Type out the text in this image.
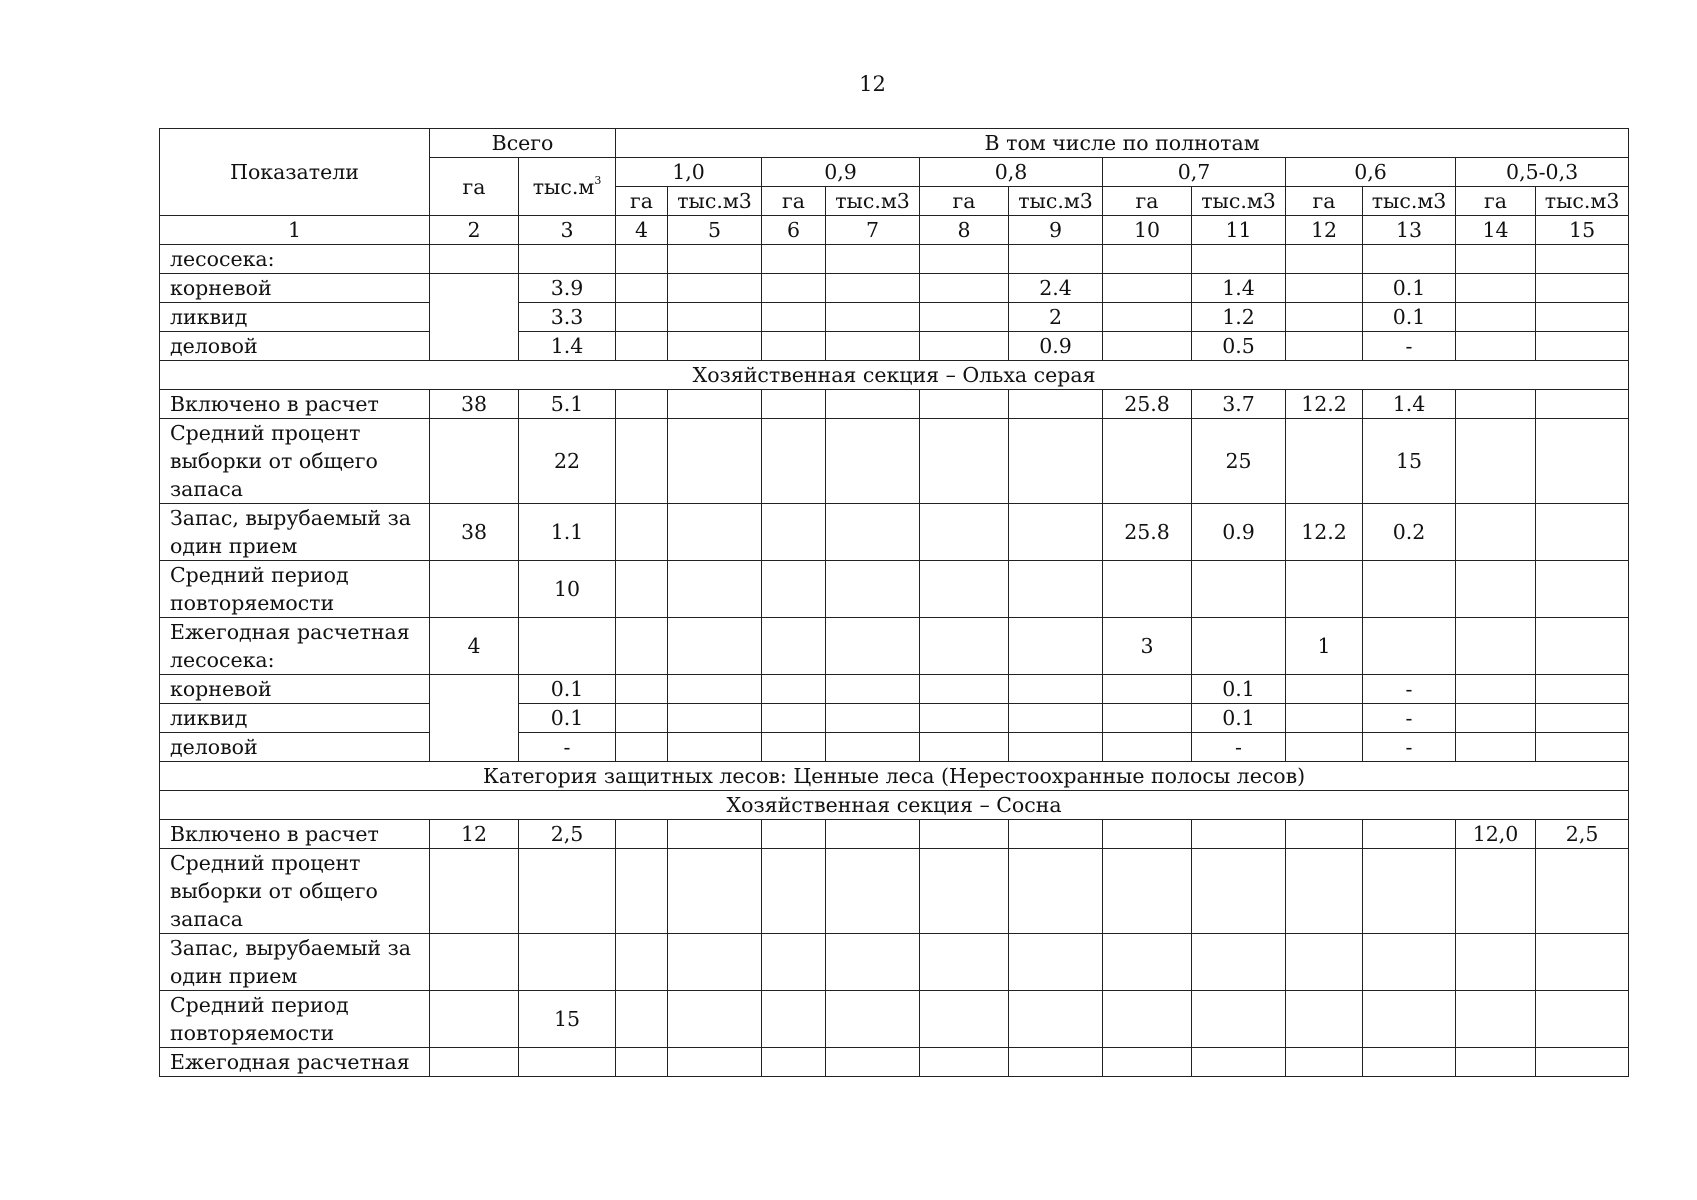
12
Показатели	Всего		В том числе по полнотам											
	га	$тыс.м^3$	1,0		0,9		0,8		0,7		0,6		0,5-0,3	
			га	тыс.м3	га	тыс.м3	га	тыс.м3	га	тыс.м3	га	тыс.м3	га	тыс.м3
1	2	3	4	5	6	7	8	9	10	11	12	13	14	15
лесосека:														
корневой		3.9						2.4		1.4		0.1		
ликвид		3.3						2		1.2		0.1		
деловой		1.4						0.9		0.5		-		
Хозяйственная секция – Ольха серая														
Включено в расчет	38	5.1							25.8	3.7	12.2	1.4		
Средний процент выборки от общего запаса		22								25		15		
Запас, вырубаемый за один прием	38	1.1							25.8	0.9	12.2	0.2		
Средний период повторяемости		10												
Ежегодная расчетная лесосека:	4								3		1			
корневой		0.1								0.1		-		
ликвид		0.1								0.1		-		
деловой		-								-		-		
Категория защитных лесов: Ценные леса (Нерестоохранные полосы лесов)														
Хозяйственная секция – Сосна														
Включено в расчет	12	2,5											12,0	2,5
Средний процент выборки от общего запаса														
Запас, вырубаемый за один прием														
Средний период повторяемости		15												
Ежегодная расчетная														
